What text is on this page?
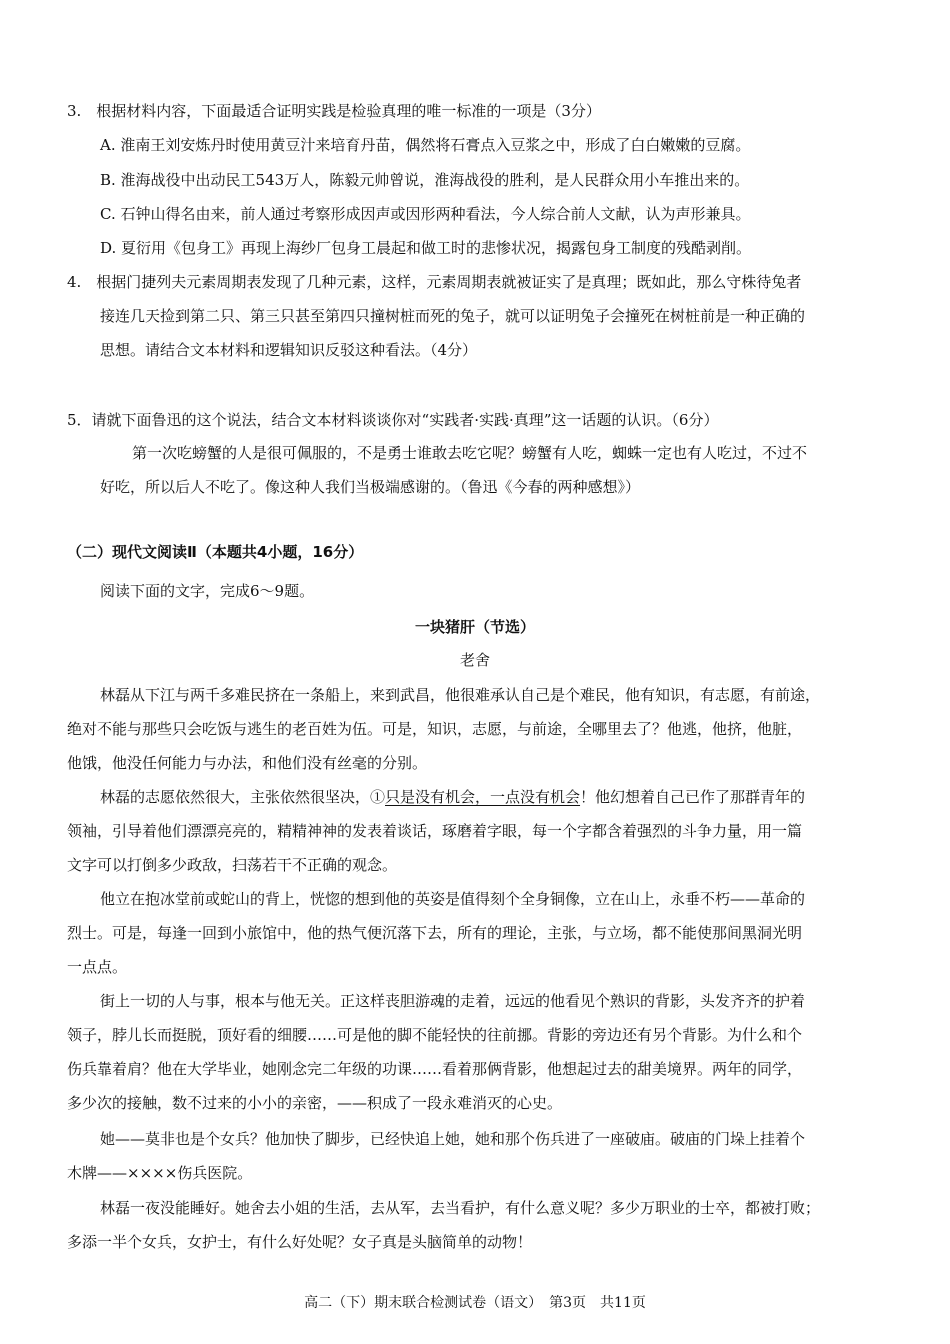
3.　根据材料内容，下面最适合证明实践是检验真理的唯一标准的一项是（3分）
A. 淮南王刘安炼丹时使用黄豆汁来培育丹苗，偶然将石膏点入豆浆之中，形成了白白嫩嫩的豆腐。
B. 淮海战役中出动民工543万人，陈毅元帅曾说，淮海战役的胜利，是人民群众用小车推出来的。
C. 石钟山得名由来，前人通过考察形成因声或因形两种看法，今人综合前人文献，认为声形兼具。
D. 夏衍用《包身工》再现上海纱厂包身工晨起和做工时的悲惨状况，揭露包身工制度的残酷剥削。
4.　根据门捷列夫元素周期表发现了几种元素，这样，元素周期表就被证实了是真理；既如此，那么守株待兔者
接连几天捡到第二只、第三只甚至第四只撞树桩而死的兔子，就可以证明兔子会撞死在树桩前是一种正确的
思想。请结合文本材料和逻辑知识反驳这种看法。（4分）
5．请就下面鲁迅的这个说法，结合文本材料谈谈你对“实践者·实践·真理”这一话题的认识。（6分）
第一次吃螃蟹的人是很可佩服的，不是勇士谁敢去吃它呢？螃蟹有人吃，蜘蛛一定也有人吃过，不过不
好吃，所以后人不吃了。像这种人我们当极端感谢的。（鲁迅《今春的两种感想》）
（二）现代文阅读Ⅱ（本题共4小题，16分）
阅读下面的文字，完成6～9题。
一块猪肝（节选）
老舍
林磊从下江与两千多难民挤在一条船上，来到武昌，他很难承认自己是个难民，他有知识，有志愿，有前途，
绝对不能与那些只会吃饭与逃生的老百姓为伍。可是，知识，志愿，与前途，全哪里去了？他逃，他挤，他脏，
他饿，他没任何能力与办法，和他们没有丝毫的分别。
林磊的志愿依然很大，主张依然很坚决，①只是没有机会，一点没有机会！他幻想着自己已作了那群青年的
领袖，引导着他们漂漂亮亮的，精精神神的发表着谈话，琢磨着字眼，每一个字都含着强烈的斗争力量，用一篇
文字可以打倒多少政敌，扫荡若干不正确的观念。
他立在抱冰堂前或蛇山的背上，恍惚的想到他的英姿是值得刻个全身铜像，立在山上，永垂不朽——革命的
烈士。可是，每逢一回到小旅馆中，他的热气便沉落下去，所有的理论，主张，与立场，都不能使那间黑洞光明
一点点。
街上一切的人与事，根本与他无关。正这样丧胆游魂的走着，远远的他看见个熟识的背影，头发齐齐的护着
领子，脖儿长而挺脱，顶好看的细腰……可是他的脚不能轻快的往前挪。背影的旁边还有另个背影。为什么和个
伤兵靠着肩？他在大学毕业，她刚念完二年级的功课……看着那俩背影，他想起过去的甜美境界。两年的同学，
多少次的接触，数不过来的小小的亲密，——积成了一段永难消灭的心史。
她——莫非也是个女兵？他加快了脚步，已经快追上她，她和那个伤兵进了一座破庙。破庙的门垛上挂着个
木牌——××××伤兵医院。
林磊一夜没能睡好。她舍去小姐的生活，去从军，去当看护，有什么意义呢？多少万职业的士卒，都被打败；
多添一半个女兵，女护士，有什么好处呢？女子真是头脑简单的动物！
高二（下）期末联合检测试卷（语文）　第3页　共11页
